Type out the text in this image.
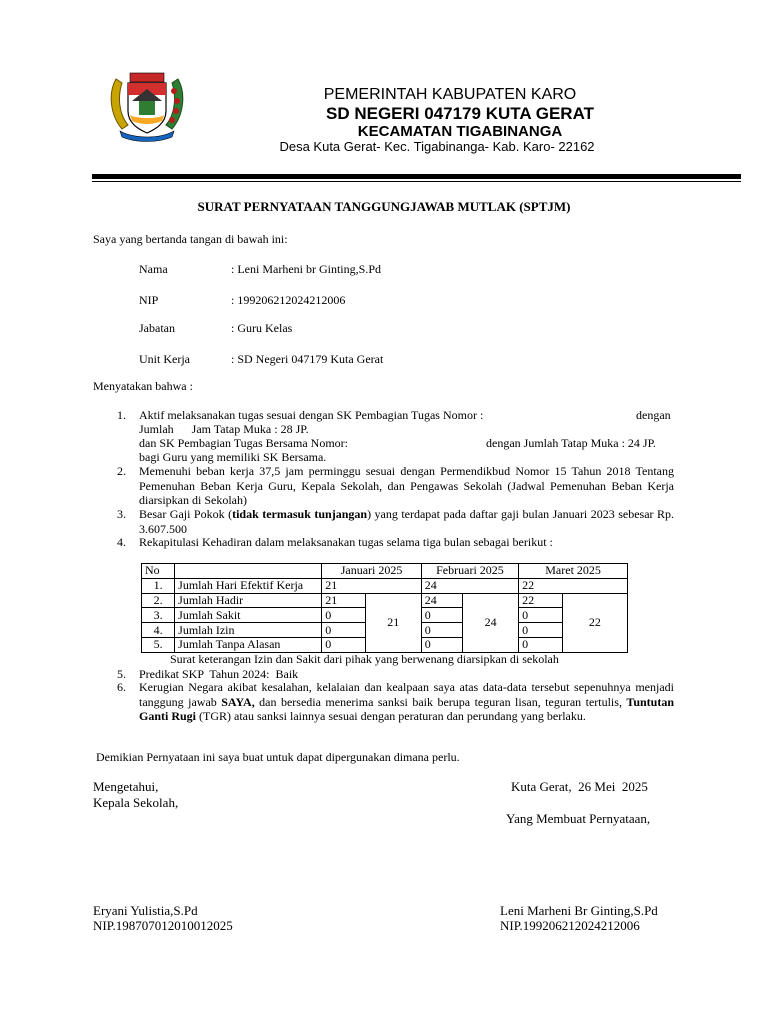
PEMERINTAH KABUPATEN KARO
SD NEGERI 047179 KUTA GERAT
KECAMATAN TIGABINANGA
Desa Kuta Gerat- Kec. Tigabinanga- Kab. Karo- 22162
SURAT PERNYATAAN TANGGUNGJAWAB MUTLAK (SPTJM)
Saya yang bertanda tangan di bawah ini:
Nama	: Leni Marheni br Ginting,S.Pd
NIP	: 199206212024212006
Jabatan	: Guru Kelas
Unit Kerja	: SD Negeri 047179 Kuta Gerat
Menyatakan bahwa :
1. Aktif melaksanakan tugas sesuai dengan SK Pembagian Tugas Nomor :	dengan
Jumlah      Jam Tatap Muka : 28 JP.
dan SK Pembagian Tugas Bersama Nomor:	dengan Jumlah Tatap Muka : 24 JP.
bagi Guru yang memiliki SK Bersama.
2. Memenuhi beban kerja 37,5 jam perminggu sesuai dengan Permendikbud Nomor 15 Tahun 2018 Tentang Pemenuhan Beban Kerja Guru, Kepala Sekolah, dan Pengawas Sekolah (Jadwal Pemenuhan Beban Kerja diarsipkan di Sekolah)
3. Besar Gaji Pokok (tidak termasuk tunjangan) yang terdapat pada daftar gaji bulan Januari 2023 sebesar Rp. 3.607.500
4. Rekapitulasi Kehadiran dalam melaksanakan tugas selama tiga bulan sebagai berikut :
No		Januari 2025		Februari 2025		Maret 2025	
1.	Jumlah Hari Efektif Kerja	21		24		22	
2.	Jumlah Hadir	21	21	24	24	22	22
3.	Jumlah Sakit	0		0		0	
4.	Jumlah Izin	0		0		0	
5.	Jumlah Tanpa Alasan	0		0		0	
Surat keterangan Izin dan Sakit dari pihak yang berwenang diarsipkan di sekolah
5. Predikat SKP  Tahun 2024:  Baik
6. Kerugian Negara akibat kesalahan, kelalaian dan kealpaan saya atas data-data tersebut sepenuhnya menjadi tanggung jawab SAYA, dan bersedia menerima sanksi baik berupa teguran lisan, teguran tertulis, Tuntutan Ganti Rugi (TGR) atau sanksi lainnya sesuai dengan peraturan dan perundang yang berlaku.
Demikian Pernyataan ini saya buat untuk dapat dipergunakan dimana perlu.
Mengetahui,
Kepala Sekolah,
Kuta Gerat,  26 Mei  2025
Yang Membuat Pernyataan,
Eryani Yulistia,S.Pd
NIP.198707012010012025
Leni Marheni Br Ginting,S.Pd
NIP.199206212024212006
